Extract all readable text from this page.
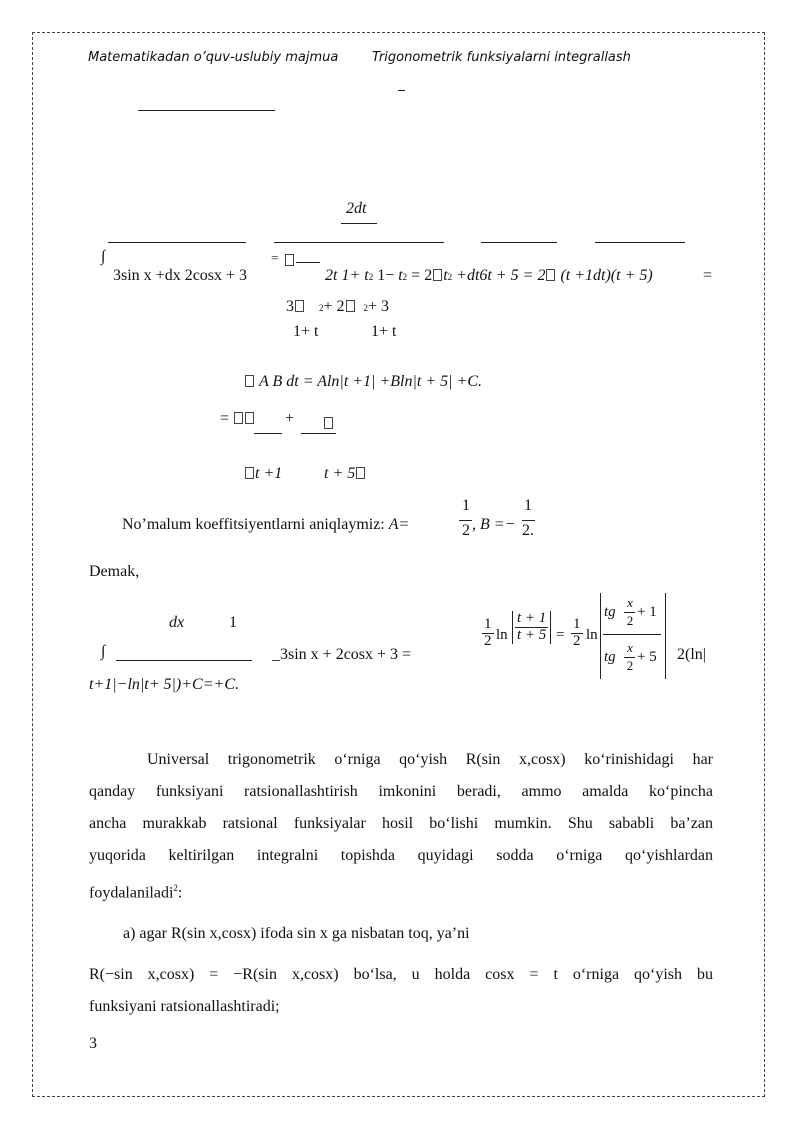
Matematikadan o’quv-uslubiy majmua	Trigonometrik funksiyalarni integrallash
2dt
∫	=
3sin x +dx 2cosx + 3	2t 1+ t2 1− t2 = 2 t2 +dt6t + 5 = 2 (t +1dt)(t + 5)	=
3	2+ 2 2+ 3
1+ t	1+ t
A B dt = Aln|t +1| +Bln|t + 5| +C.
=	+
t +1	t + 5
No’malum koeffitsiyentlarni aniqlaymiz: A=
1
2 , B =−
1
2.
Demak,
dx	1
∫	_3sin x + 2cosx + 3 =
$\frac{1}{2}$ $\ln \frac{t + 1}{t + 5} = \frac{1}{2}$ ln
tg
x
2
+ 1
tg
x
2
+ 5 2(ln|
t+1|−ln|t+ 5|)+C=+C.
Universal trigonometrik o‘rniga qo‘yish R(sin x,cosx) ko‘rinishidagi har
qanday funksiyani ratsionallashtirish imkonini beradi, ammo amalda ko‘pincha
ancha murakkab ratsional funksiyalar hosil bo‘lishi mumkin. Shu sababli ba’zan
yuqorida keltirilgan integralni topishda quyidagi sodda o‘rniga qo‘yishlardan
foydalaniladi$^2$:
a) agar R(sin x,cosx) ifoda sin x ga nisbatan toq, ya’ni
R(−sin x,cosx) = −R(sin x,cosx) bo‘lsa, u holda cosx = t o‘rniga qo‘yish bu
funksiyani ratsionallashtiradi;
3
